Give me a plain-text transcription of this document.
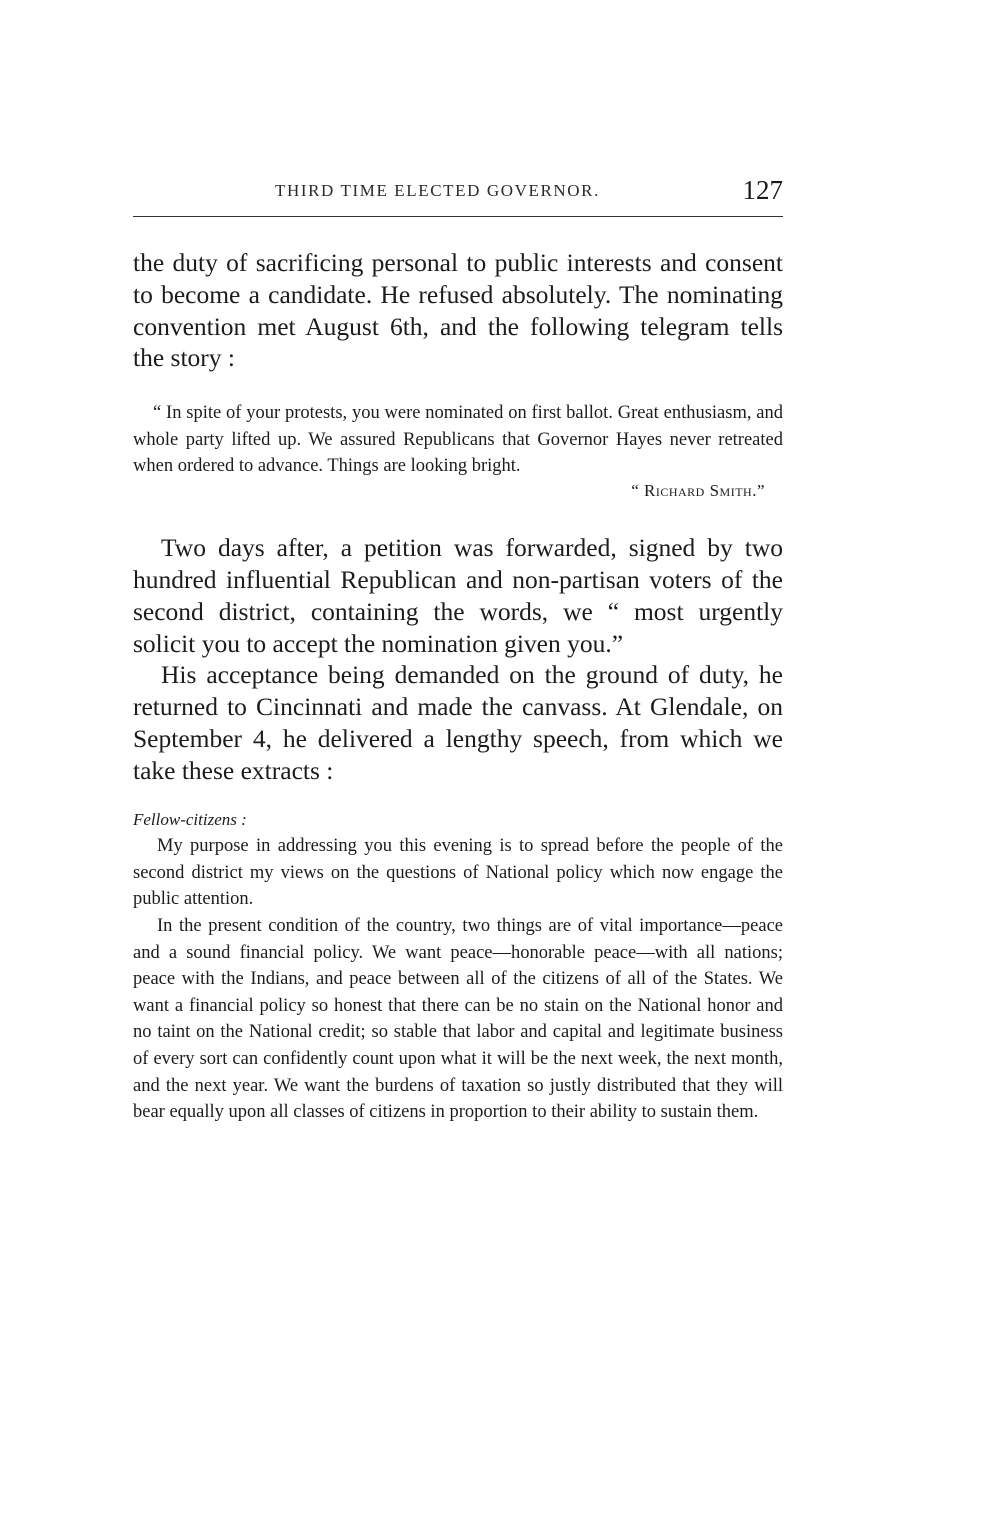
THIRD TIME ELECTED GOVERNOR.	127

the duty of sacrificing personal to public interests and consent to become a candidate. He refused absolutely. The nominating convention met August 6th, and the following telegram tells the story :

“ In spite of your protests, you were nominated on first ballot. Great enthusiasm, and whole party lifted up. We assured Republicans that Governor Hayes never retreated when ordered to advance. Things are looking bright.
“ Richard Smith.”

Two days after, a petition was forwarded, signed by two hundred influential Republican and non-partisan voters of the second district, containing the words, we “ most urgently solicit you to accept the nomination given you.”

His acceptance being demanded on the ground of duty, he returned to Cincinnati and made the canvass. At Glendale, on September 4, he delivered a lengthy speech, from which we take these extracts :

Fellow-citizens :

My purpose in addressing you this evening is to spread before the people of the second district my views on the questions of National policy which now engage the public attention.

In the present condition of the country, two things are of vital importance—peace and a sound financial policy. We want peace—honorable peace—with all nations; peace with the Indians, and peace between all of the citizens of all of the States. We want a financial policy so honest that there can be no stain on the National honor and no taint on the National credit; so stable that labor and capital and legitimate business of every sort can confidently count upon what it will be the next week, the next month, and the next year. We want the burdens of taxation so justly distributed that they will bear equally upon all classes of citizens in proportion to their ability to sustain them.
